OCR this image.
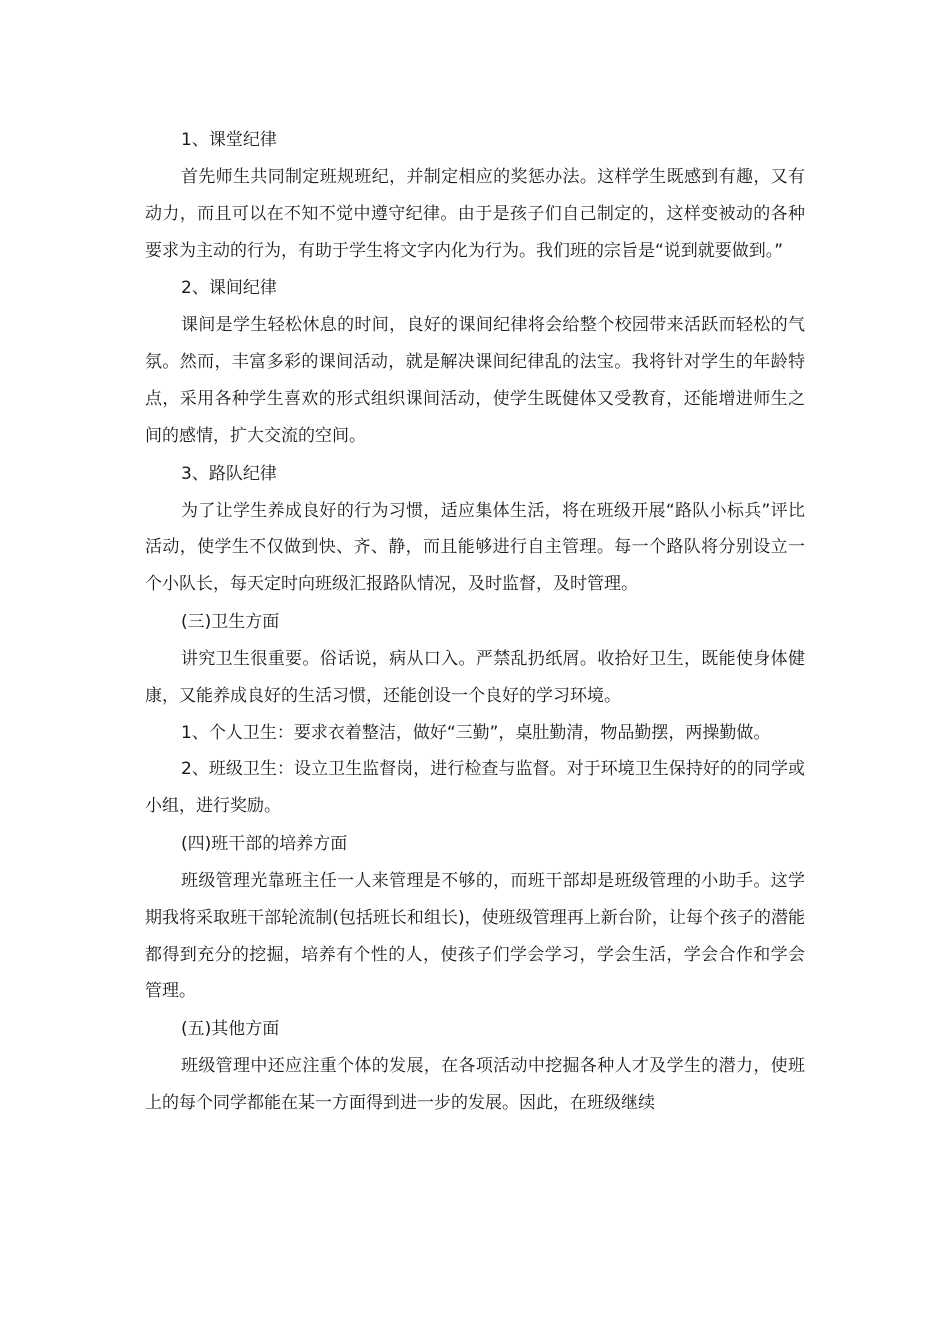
1、课堂纪律

首先师生共同制定班规班纪，并制定相应的奖惩办法。这样学生既感到有趣，又有动力，而且可以在不知不觉中遵守纪律。由于是孩子们自己制定的，这样变被动的各种要求为主动的行为，有助于学生将文字内化为行为。我们班的宗旨是“说到就要做到。”

2、课间纪律

课间是学生轻松休息的时间，良好的课间纪律将会给整个校园带来活跃而轻松的气氛。然而，丰富多彩的课间活动，就是解决课间纪律乱的法宝。我将针对学生的年龄特点，采用各种学生喜欢的形式组织课间活动，使学生既健体又受教育，还能增进师生之间的感情，扩大交流的空间。

3、路队纪律

为了让学生养成良好的行为习惯，适应集体生活，将在班级开展“路队小标兵”评比活动，使学生不仅做到快、齐、静，而且能够进行自主管理。每一个路队将分别设立一个小队长，每天定时向班级汇报路队情况，及时监督，及时管理。

(三)卫生方面

讲究卫生很重要。俗话说，病从口入。严禁乱扔纸屑。收拾好卫生，既能使身体健康，又能养成良好的生活习惯，还能创设一个良好的学习环境。

1、个人卫生：要求衣着整洁，做好“三勤”，桌肚勤清，物品勤摆，两操勤做。

2、班级卫生：设立卫生监督岗，进行检查与监督。对于环境卫生保持好的的同学或小组，进行奖励。

(四)班干部的培养方面

班级管理光靠班主任一人来管理是不够的，而班干部却是班级管理的小助手。这学期我将采取班干部轮流制(包括班长和组长)，使班级管理再上新台阶，让每个孩子的潜能都得到充分的挖掘，培养有个性的人，使孩子们学会学习，学会生活，学会合作和学会管理。

(五)其他方面

班级管理中还应注重个体的发展，在各项活动中挖掘各种人才及学生的潜力，使班上的每个同学都能在某一方面得到进一步的发展。因此，在班级继续
